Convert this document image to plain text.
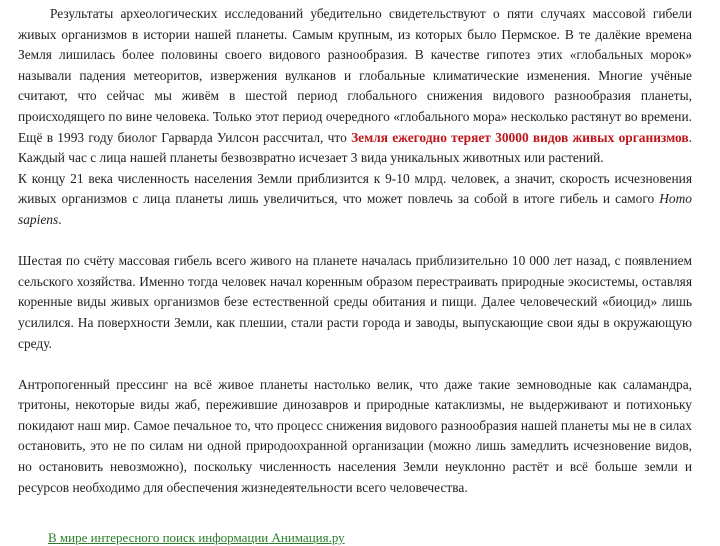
Результаты археологических исследований убедительно свидетельствуют о пяти случаях массовой гибели живых организмов в истории нашей планеты. Самым крупным, из которых было Пермское. В те далёкие времена Земля лишилась более половины своего видового разнообразия. В качестве гипотез этих «глобальных морок» называли падения метеоритов, извержения вулканов и глобальные климатические изменения. Многие учёные считают, что сейчас мы живём в шестой период глобального снижения видового разнообразия планеты, происходящего по вине человека. Только этот период очередного «глобального мора» несколько растянут во времени. Ещё в 1993 году биолог Гарварда Уилсон рассчитал, что Земля ежегодно теряет 30000 видов живых организмов. Каждый час с лица нашей планеты безвозвратно исчезает 3 вида уникальных животных или растений.

К концу 21 века численность населения Земли приблизится к 9-10 млрд. человек, а значит, скорость исчезновения живых организмов с лица планеты лишь увеличиться, что может повлечь за собой в итоге гибель и самого Homo sapiens.

Шестая по счёту массовая гибель всего живого на планете началась приблизительно 10 000 лет назад, с появлением сельского хозяйства. Именно тогда человек начал коренным образом перестраивать природные экосистемы, оставляя коренные виды живых организмов безе естественной среды обитания и пищи. Далее человеческий «биоцид» лишь усилился. На поверхности Земли, как плешии, стали расти города и заводы, выпускающие свои яды в окружающую среду.

Антропогенный прессинг на всё живое планеты настолько велик, что даже такие земноводные как саламандра, тритоны, некоторые виды жаб, пережившие динозавров и природные катаклизмы, не выдерживают и потихоньку покидают наш мир. Самое печальное то, что процесс снижения видового разнообразия нашей планеты мы не в силах остановить, это не по силам ни одной природоохранной организации (можно лишь замедлить исчезновение видов, но остановить невозможно), поскольку численность населения Земли неуклонно растёт и всё больше земли и ресурсов необходимо для обеспечения жизнедеятельности всего человечества.

В мире интересного поиск информации Анимация.ру
